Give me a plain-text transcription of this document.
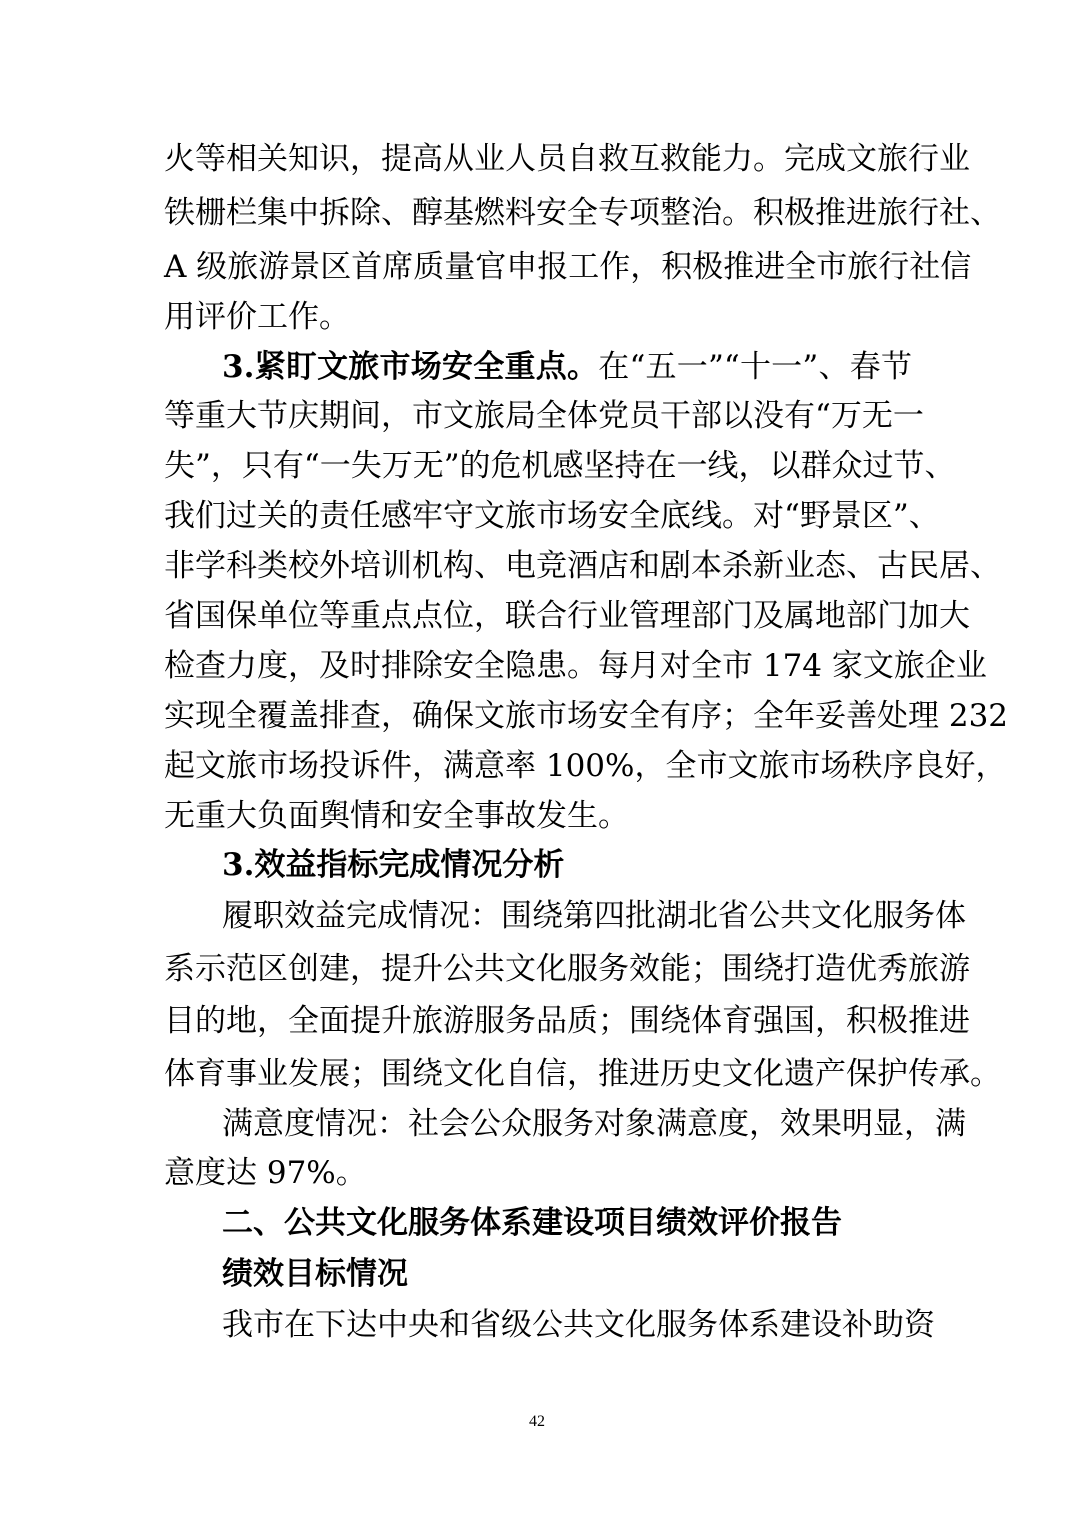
火等相关知识，提高从业人员自救互救能力。完成文旅行业
铁栅栏集中拆除、醇基燃料安全专项整治。积极推进旅行社、
A 级旅游景区首席质量官申报工作，积极推进全市旅行社信
用评价工作。
3.紧盯文旅市场安全重点。在“五一”“十一”、春节
等重大节庆期间，市文旅局全体党员干部以没有“万无一
失”，只有“一失万无”的危机感坚持在一线，以群众过节、
我们过关的责任感牢守文旅市场安全底线。对“野景区”、
非学科类校外培训机构、电竞酒店和剧本杀新业态、古民居、
省国保单位等重点点位，联合行业管理部门及属地部门加大
检查力度，及时排除安全隐患。每月对全市 174 家文旅企业
实现全覆盖排查，确保文旅市场安全有序；全年妥善处理 232
起文旅市场投诉件，满意率 100%，全市文旅市场秩序良好，
无重大负面舆情和安全事故发生。
3.效益指标完成情况分析
履职效益完成情况：围绕第四批湖北省公共文化服务体
系示范区创建，提升公共文化服务效能；围绕打造优秀旅游
目的地，全面提升旅游服务品质；围绕体育强国，积极推进
体育事业发展；围绕文化自信，推进历史文化遗产保护传承。
满意度情况：社会公众服务对象满意度，效果明显，满
意度达 97%。
二、公共文化服务体系建设项目绩效评价报告
绩效目标情况
我市在下达中央和省级公共文化服务体系建设补助资
42
